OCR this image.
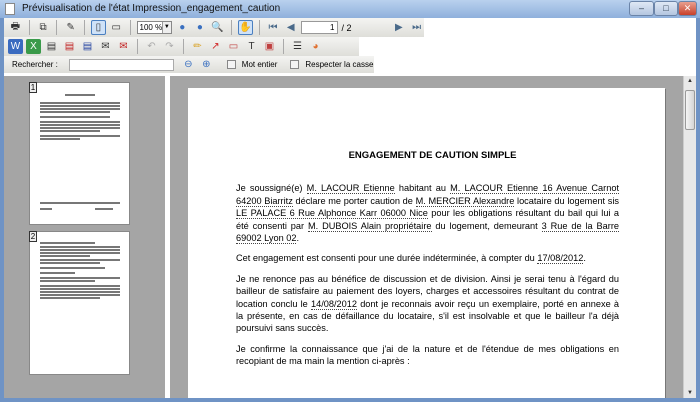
Prévisualisation de l'état Impression_engagement_caution	–	□	✕
🖶	⧉	✎	▯	▭	100 % ▼ ●	● 🔍 ✋ ⏮ ◀	1 / 2	▶ ⏭
W X ▤ ▤ ▤ ✉ ✉	↶ ↷	✏ ↗ ▭	T	▣	☰	◕
Rechercher :	⊖ ⊕	Mot entier	Respecter la casse
1
2
ENGAGEMENT DE CAUTION SIMPLE

Je soussigné(e) M. LACOUR Etienne habitant au M. LACOUR Etienne 16 Avenue Carnot 64200 Biarritz déclare me porter caution de M. MERCIER Alexandre locataire du logement sis LE PALACE 6 Rue Alphonce Karr 06000 Nice pour les obligations résultant du bail qui lui a été consenti par M. DUBOIS Alain propriétaire du logement, demeurant 3 Rue de la Barre 69002 Lyon 02.

Cet engagement est consenti pour une durée indéterminée, à compter du 17/08/2012.

Je ne renonce pas au bénéfice de discussion et de division. Ainsi je serai tenu à l'égard du bailleur de satisfaire au paiement des loyers, charges et accessoires résultant du contrat de location conclu le 14/08/2012 dont je reconnais avoir reçu un exemplaire, porté en annexe à la présente, en cas de défaillance du locataire, s'il est insolvable et que le bailleur l'a déjà poursuivi sans succès.

Je confirme la connaissance que j'ai de la nature et de l'étendue de mes obligations en recopiant de ma main la mention ci-après :

▲
▼
